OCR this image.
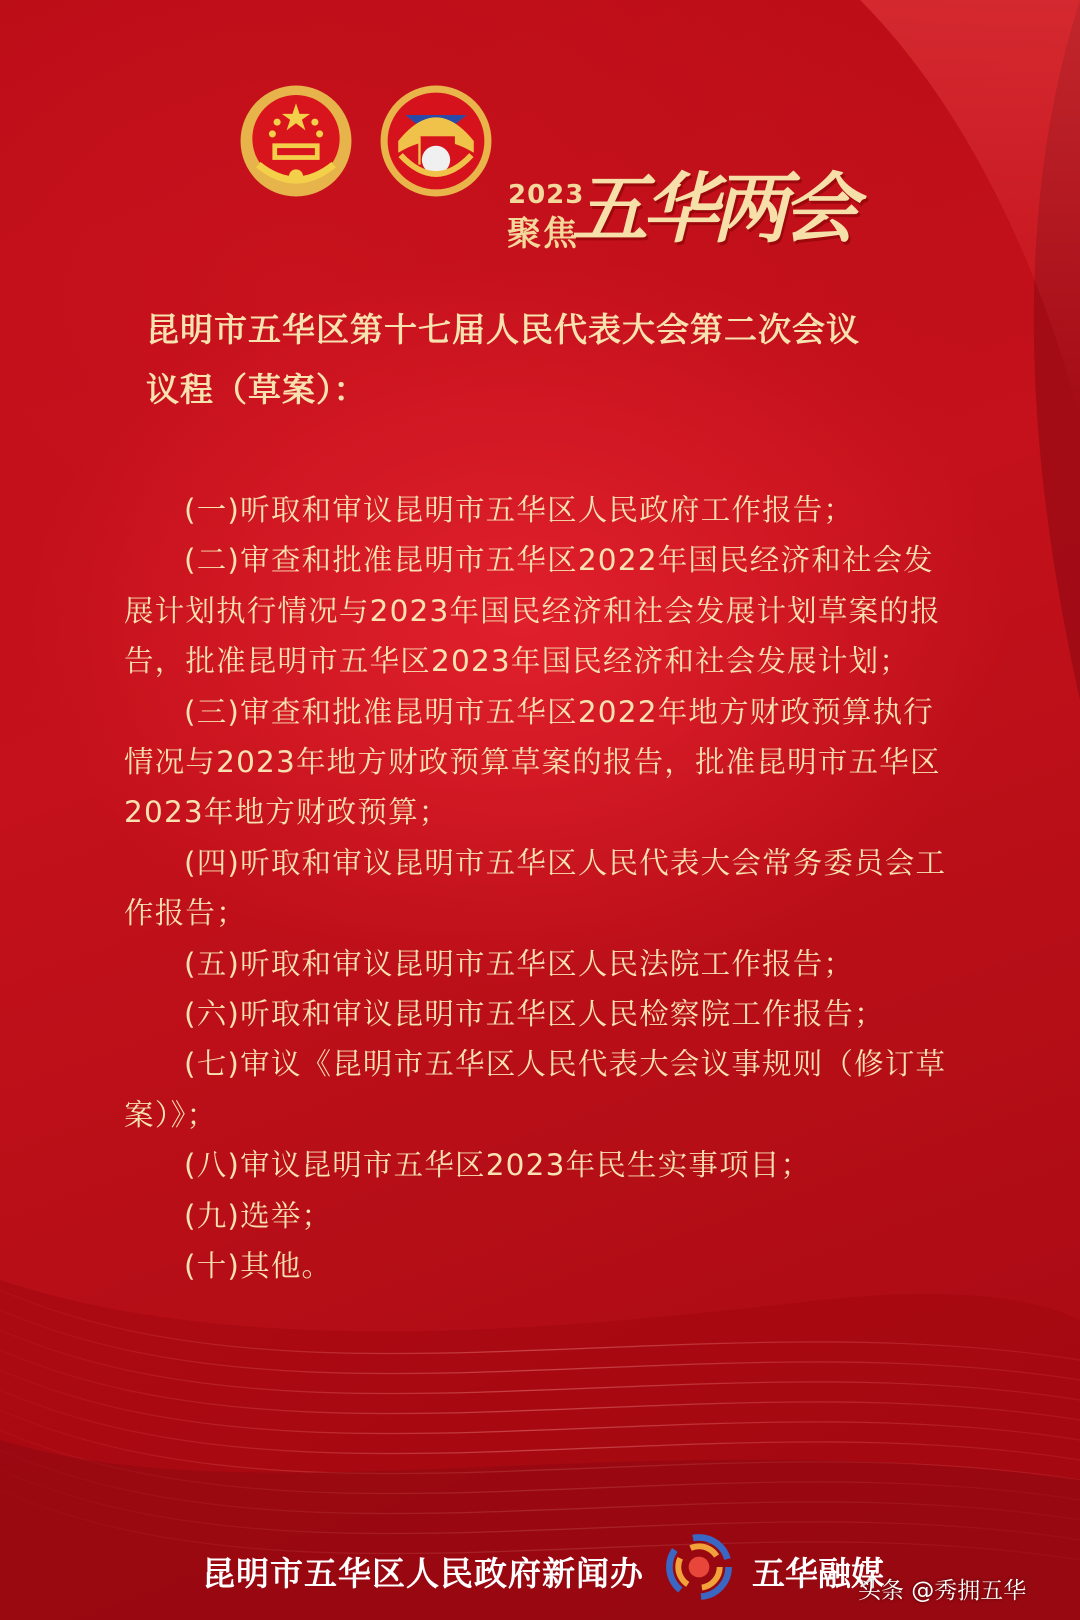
2023
聚焦
五华两会
昆明市五华区第十七届人民代表大会第二次会议
议程（草案）：

(一)听取和审议昆明市五华区人民政府工作报告；

(二)审查和批准昆明市五华区2022年国民经济和社会发展计划执行情况与2023年国民经济和社会发展计划草案的报告，批准昆明市五华区2023年国民经济和社会发展计划；

(三)审查和批准昆明市五华区2022年地方财政预算执行情况与2023年地方财政预算草案的报告，批准昆明市五华区2023年地方财政预算；

(四)听取和审议昆明市五华区人民代表大会常务委员会工作报告；

(五)听取和审议昆明市五华区人民法院工作报告；

(六)听取和审议昆明市五华区人民检察院工作报告；

(七)审议《昆明市五华区人民代表大会议事规则（修订草案）》；

(八)审议昆明市五华区2023年民生实事项目；

(九)选举；

(十)其他。

昆明市五华区人民政府新闻办	五华融媒
头条 @秀拥五华
